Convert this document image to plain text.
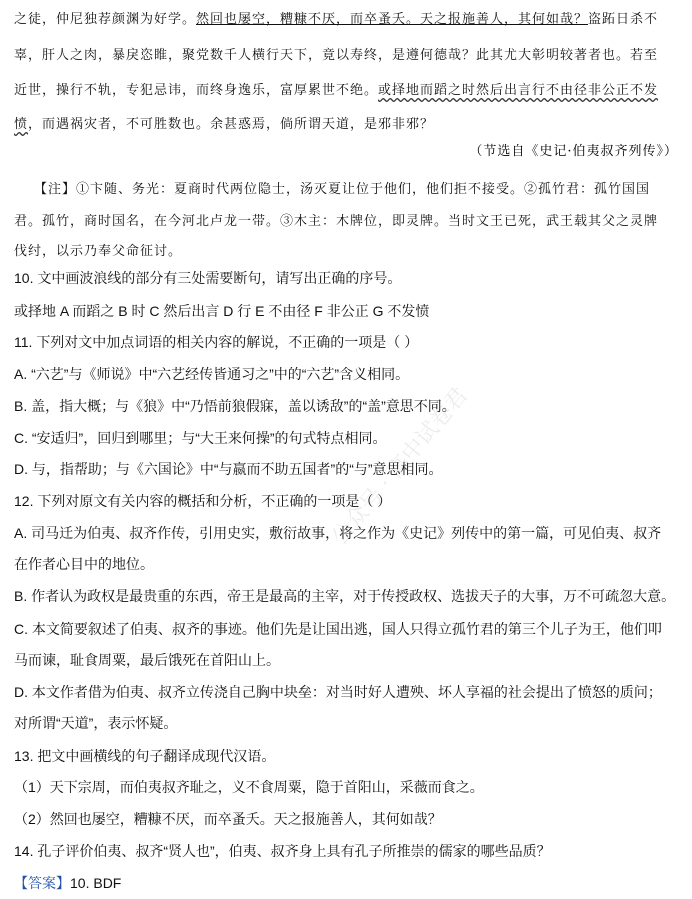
公众号 · 高中试卷君
之徒，仲尼独荐颜渊为好学。然回也屡空，糟糠不厌，而卒蚤夭。天之报施善人，其何如哉？盗跖日杀不
辜，肝人之肉，暴戾恣睢，聚党数千人横行天下，竟以寿终，是遵何德哉？此其尤大彰明较著者也。若至
近世，操行不轨，专犯忌讳，而终身逸乐，富厚累世不绝。或择地而蹈之时然后出言行不由径非公正不发
愤，而遇祸灾者，不可胜数也。余甚惑焉，倘所谓天道，是邪非邪？
（节选自《史记·伯夷叔齐列传》）
【注】①卞随、务光：夏商时代两位隐士，汤灭夏让位于他们，他们拒不接受。②孤竹君：孤竹国国
君。孤竹，商时国名，在今河北卢龙一带。③木主：木牌位，即灵牌。当时文王已死，武王载其父之灵牌
伐纣，以示乃奉父命征讨。
10. 文中画波浪线的部分有三处需要断句，请写出正确的序号。
或择地 A 而蹈之 B 时 C 然后出言 D 行 E 不由径 F 非公正 G 不发愤
11. 下列对文中加点词语的相关内容的解说，不正确的一项是（ ）
A. “六艺”与《师说》中“六艺经传皆通习之”中的“六艺”含义相同。
B. 盖，指大概；与《狼》中“乃悟前狼假寐，盖以诱敌”的“盖”意思不同。
C. “安适归”，回归到哪里；与“大王来何操”的句式特点相同。
D. 与，指帮助；与《六国论》中“与嬴而不助五国者”的“与”意思相同。
12. 下列对原文有关内容的概括和分析，不正确的一项是（ ）
A. 司马迁为伯夷、叔齐作传，引用史实，敷衍故事，将之作为《史记》列传中的第一篇，可见伯夷、叔齐
在作者心目中的地位。
B. 作者认为政权是最贵重的东西，帝王是最高的主宰，对于传授政权、选拔天子的大事，万不可疏忽大意。
C. 本文简要叙述了伯夷、叔齐的事迹。他们先是让国出逃，国人只得立孤竹君的第三个儿子为王，他们叩
马而谏，耻食周粟，最后饿死在首阳山上。
D. 本文作者借为伯夷、叔齐立传浇自己胸中块垒：对当时好人遭殃、坏人享福的社会提出了愤怒的质问；
对所谓“天道”，表示怀疑。
13. 把文中画横线的句子翻译成现代汉语。
（1）天下宗周，而伯夷叔齐耻之，义不食周粟，隐于首阳山，采薇而食之。
（2）然回也屡空，糟糠不厌，而卒蚤夭。天之报施善人，其何如哉？
14. 孔子评价伯夷、叔齐“贤人也”，伯夷、叔齐身上具有孔子所推崇的儒家的哪些品质？
【答案】10. BDF
